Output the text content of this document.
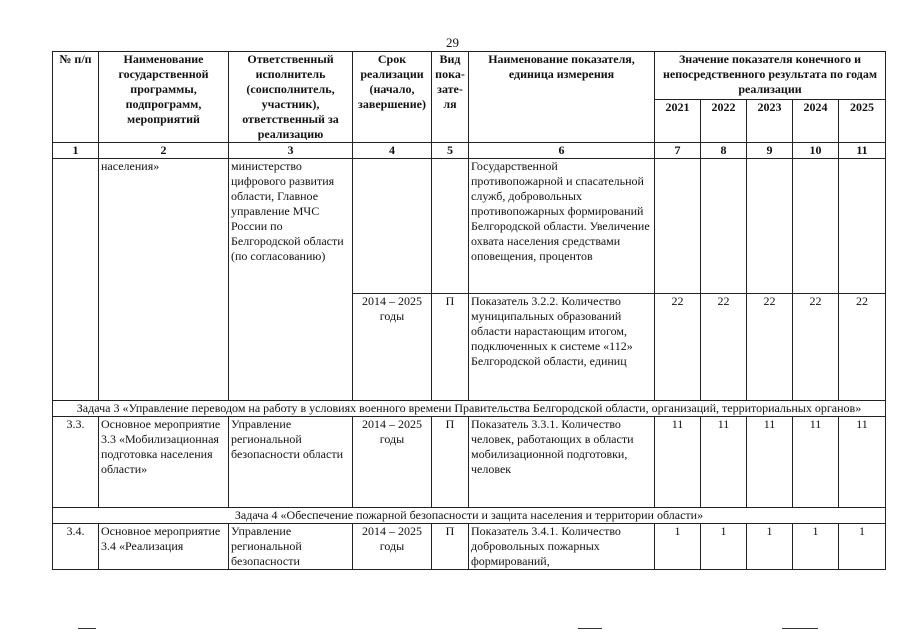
29
№ п/п	Наименование государственной программы, подпрограмм, мероприятий	Ответственный исполнитель (соисполнитель, участник), ответственный за реализацию	Срок реализации (начало, завершение)	Вид пока-зате-ля	Наименование показателя, единица измерения	Значение показателя конечного и непосредственного результата по годам реализации				
						2021	2022	2023	2024	2025
1	2	3	4	5	6	7	8	9	10	11
	населения»	министерство цифрового развития области, Главное управление МЧС России по Белгородской области (по согласованию)			Государственной противопожарной и спасательной служб, добровольных противопожарных формирований Белгородской области. Увеличение охвата населения средствами оповещения, процентов					
			2014 – 2025 годы	П	Показатель 3.2.2. Количество муниципальных образований области нарастающим итогом, подключенных к системе «112» Белгородской области, единиц	22	22	22	22	22
Задача 3 «Управление переводом на работу в условиях военного времени Правительства Белгородской области, организаций, территориальных органов»										
3.3.	Основное мероприятие 3.3 «Мобилизационная подготовка населения области»	Управление региональной безопасности области	2014 – 2025 годы	П	Показатель 3.3.1. Количество человек, работающих в области мобилизационной подготовки, человек	11	11	11	11	11
Задача 4 «Обеспечение пожарной безопасности и защита населения и территории области»										
3.4.	Основное мероприятие 3.4 «Реализация	Управление региональной безопасности	2014 – 2025 годы	П	Показатель 3.4.1. Количество добровольных пожарных формирований,	1	1	1	1	1
